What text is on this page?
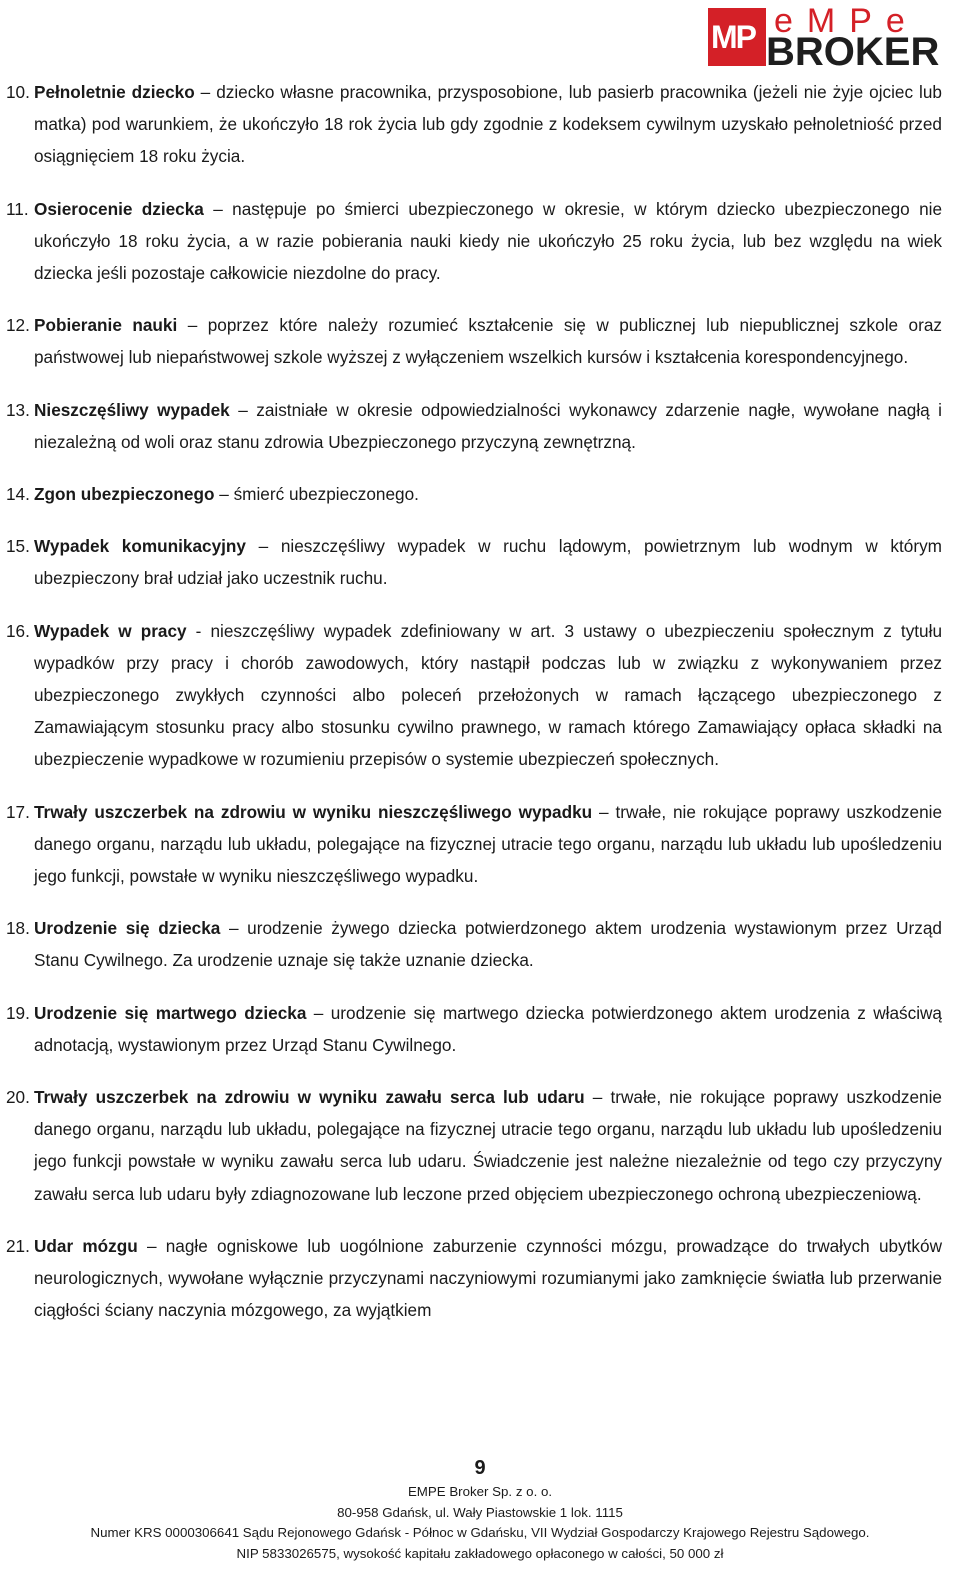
MP eMPe
BROKER
10. Pełnoletnie dziecko – dziecko własne pracownika, przysposobione, lub pasierb pracownika (jeżeli nie żyje ojciec lub matka) pod warunkiem, że ukończyło 18 rok życia lub gdy zgodnie z kodeksem cywilnym uzyskało pełnoletniość przed osiągnięciem 18 roku życia.
11. Osierocenie dziecka – następuje po śmierci ubezpieczonego w okresie, w którym dziecko ubezpieczonego nie ukończyło 18 roku życia, a w razie pobierania nauki kiedy nie ukończyło 25 roku życia, lub bez względu na wiek dziecka jeśli pozostaje całkowicie niezdolne do pracy.
12. Pobieranie nauki – poprzez które należy rozumieć kształcenie się w publicznej lub niepublicznej szkole oraz państwowej lub niepaństwowej szkole wyższej z wyłączeniem wszelkich kursów i kształcenia korespondencyjnego.
13. Nieszczęśliwy wypadek – zaistniałe w okresie odpowiedzialności wykonawcy zdarzenie nagłe, wywołane nagłą i niezależną od woli oraz stanu zdrowia Ubezpieczonego przyczyną zewnętrzną.
14. Zgon ubezpieczonego – śmierć ubezpieczonego.
15. Wypadek komunikacyjny – nieszczęśliwy wypadek w ruchu lądowym, powietrznym lub wodnym w którym ubezpieczony brał udział jako uczestnik ruchu.
16. Wypadek w pracy - nieszczęśliwy wypadek zdefiniowany w art. 3 ustawy o ubezpieczeniu społecznym z tytułu wypadków przy pracy i chorób zawodowych, który nastąpił podczas lub w związku z wykonywaniem przez ubezpieczonego zwykłych czynności albo poleceń przełożonych w ramach łączącego ubezpieczonego z Zamawiającym stosunku pracy albo stosunku cywilno prawnego, w ramach którego Zamawiający opłaca składki na ubezpieczenie wypadkowe w rozumieniu przepisów o systemie ubezpieczeń społecznych.
17. Trwały uszczerbek na zdrowiu w wyniku nieszczęśliwego wypadku – trwałe, nie rokujące poprawy uszkodzenie danego organu, narządu lub układu, polegające na fizycznej utracie tego organu, narządu lub układu lub upośledzeniu jego funkcji, powstałe w wyniku nieszczęśliwego wypadku.
18. Urodzenie się dziecka – urodzenie żywego dziecka potwierdzonego aktem urodzenia wystawionym przez Urząd Stanu Cywilnego. Za urodzenie uznaje się także uznanie dziecka.
19. Urodzenie się martwego dziecka – urodzenie się martwego dziecka potwierdzonego aktem urodzenia z właściwą adnotacją, wystawionym przez Urząd Stanu Cywilnego.
20. Trwały uszczerbek na zdrowiu w wyniku zawału serca lub udaru – trwałe, nie rokujące poprawy uszkodzenie danego organu, narządu lub układu, polegające na fizycznej utracie tego organu, narządu lub układu lub upośledzeniu jego funkcji powstałe w wyniku zawału serca lub udaru. Świadczenie jest należne niezależnie od tego czy przyczyny zawału serca lub udaru były zdiagnozowane lub leczone przed objęciem ubezpieczonego ochroną ubezpieczeniową.
21. Udar mózgu – nagłe ogniskowe lub uogólnione zaburzenie czynności mózgu, prowadzące do trwałych ubytków neurologicznych, wywołane wyłącznie przyczynami naczyniowymi rozumianymi jako zamknięcie światła lub przerwanie ciągłości ściany naczynia mózgowego, za wyjątkiem
9
EMPE Broker Sp. z o. o.
80-958 Gdańsk, ul. Wały Piastowskie 1 lok. 1115
Numer KRS 0000306641 Sądu Rejonowego Gdańsk - Północ w Gdańsku, VII Wydział Gospodarczy Krajowego Rejestru Sądowego.
NIP 5833026575, wysokość kapitału zakładowego opłaconego w całości, 50 000 zł
